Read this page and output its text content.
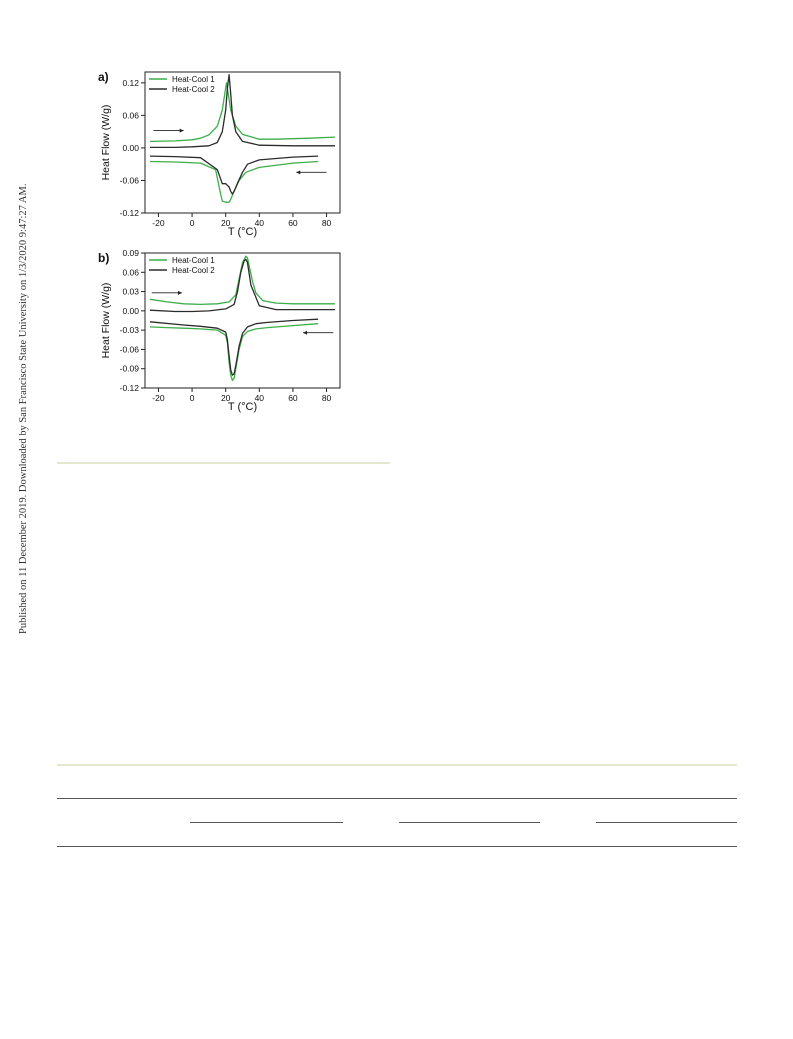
Published on 11 December 2019. Downloaded by San Francisco State University on 1/3/2020 9:47:27 AM.
0.12
0.06
0.00
-0.06
-0.12
-20	0	20	40	60	80
T (°C)
Heat Flow (W/g)
a)	Heat-Cool 1
Heat-Cool 2
0.09
0.06
0.03
0.00
-0.03
-0.06
-0.09
-0.12
-20	0	20	40	60	80
T (°C)
Heat Flow (W/g)
b)	Heat-Cool 1
Heat-Cool 2
